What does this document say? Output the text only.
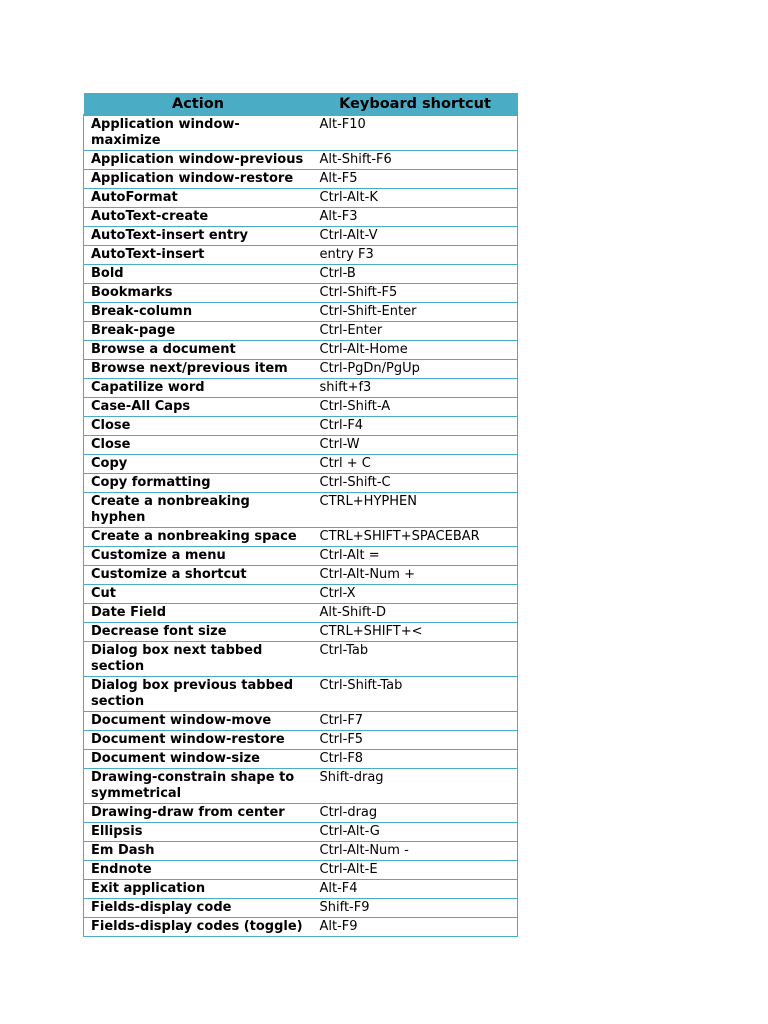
Action	Keyboard shortcut
Application window-maximize	Alt-F10
Application window-previous	Alt-Shift-F6
Application window-restore	Alt-F5
AutoFormat	Ctrl-Alt-K
AutoText-create	Alt-F3
AutoText-insert entry	Ctrl-Alt-V
AutoText-insert	entry F3
Bold	Ctrl-B
Bookmarks	Ctrl-Shift-F5
Break-column	Ctrl-Shift-Enter
Break-page	Ctrl-Enter
Browse a document	Ctrl-Alt-Home
Browse next/previous item	Ctrl-PgDn/PgUp
Capatilize word	shift+f3
Case-All Caps	Ctrl-Shift-A
Close	Ctrl-F4
Close	Ctrl-W
Copy	Ctrl + C
Copy formatting	Ctrl-Shift-C
Create a nonbreaking hyphen	CTRL+HYPHEN
Create a nonbreaking space	CTRL+SHIFT+SPACEBAR
Customize a menu	Ctrl-Alt =
Customize a shortcut	Ctrl-Alt-Num +
Cut	Ctrl-X
Date Field	Alt-Shift-D
Decrease font size	CTRL+SHIFT+<
Dialog box next tabbed section	Ctrl-Tab
Dialog box previous tabbed section	Ctrl-Shift-Tab
Document window-move	Ctrl-F7
Document window-restore	Ctrl-F5
Document window-size	Ctrl-F8
Drawing-constrain shape to symmetrical	Shift-drag
Drawing-draw from center	Ctrl-drag
Ellipsis	Ctrl-Alt-G
Em Dash	Ctrl-Alt-Num -
Endnote	Ctrl-Alt-E
Exit application	Alt-F4
Fields-display code	Shift-F9
Fields-display codes (toggle)	Alt-F9
